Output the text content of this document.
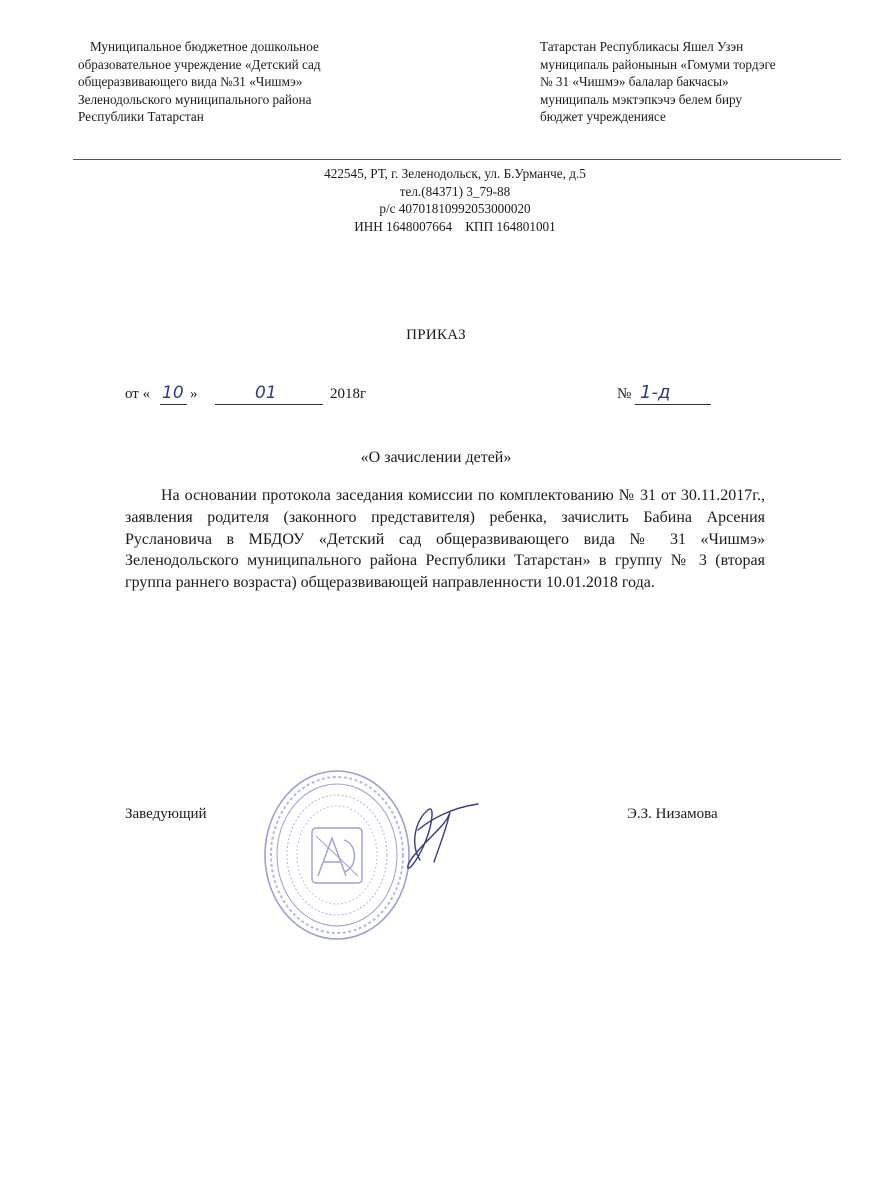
Муниципальное бюджетное дошкольное
образовательное учреждение «Детский сад
общеразвивающего вида №31 «Чишмэ»
Зеленодольского муниципального района
Республики Татарстан
Татарстан Республикасы Яшел Узэн
муниципаль районынын «Гомуми тордэге
№ 31 «Чишмэ» балалар бакчасы»
муниципаль мэктэпкэчэ белем биру
бюджет учреждениясе
422545, РТ, г. Зеленодольск, ул. Б.Урманче, д.5
тел.(84371) 3_79-88
р/с 40701810992053000020
ИНН 1648007664 КПП 164801001
ПРИКАЗ
от « 10 »	01	2018г	№ 1-д
«О зачислении детей»
На основании протокола заседания комиссии по комплектованию № 31 от 30.11.2017г., заявления родителя (законного представителя) ребенка, зачислить Бабина Арсения Руслановича в МБДОУ «Детский сад общеразвивающего вида № 31 «Чишмэ» Зеленодольского муниципального района Республики Татарстан» в группу № 3 (вторая группа раннего возраста) общеразвивающей направленности 10.01.2018 года.
Заведующий	Э.З. Низамова
